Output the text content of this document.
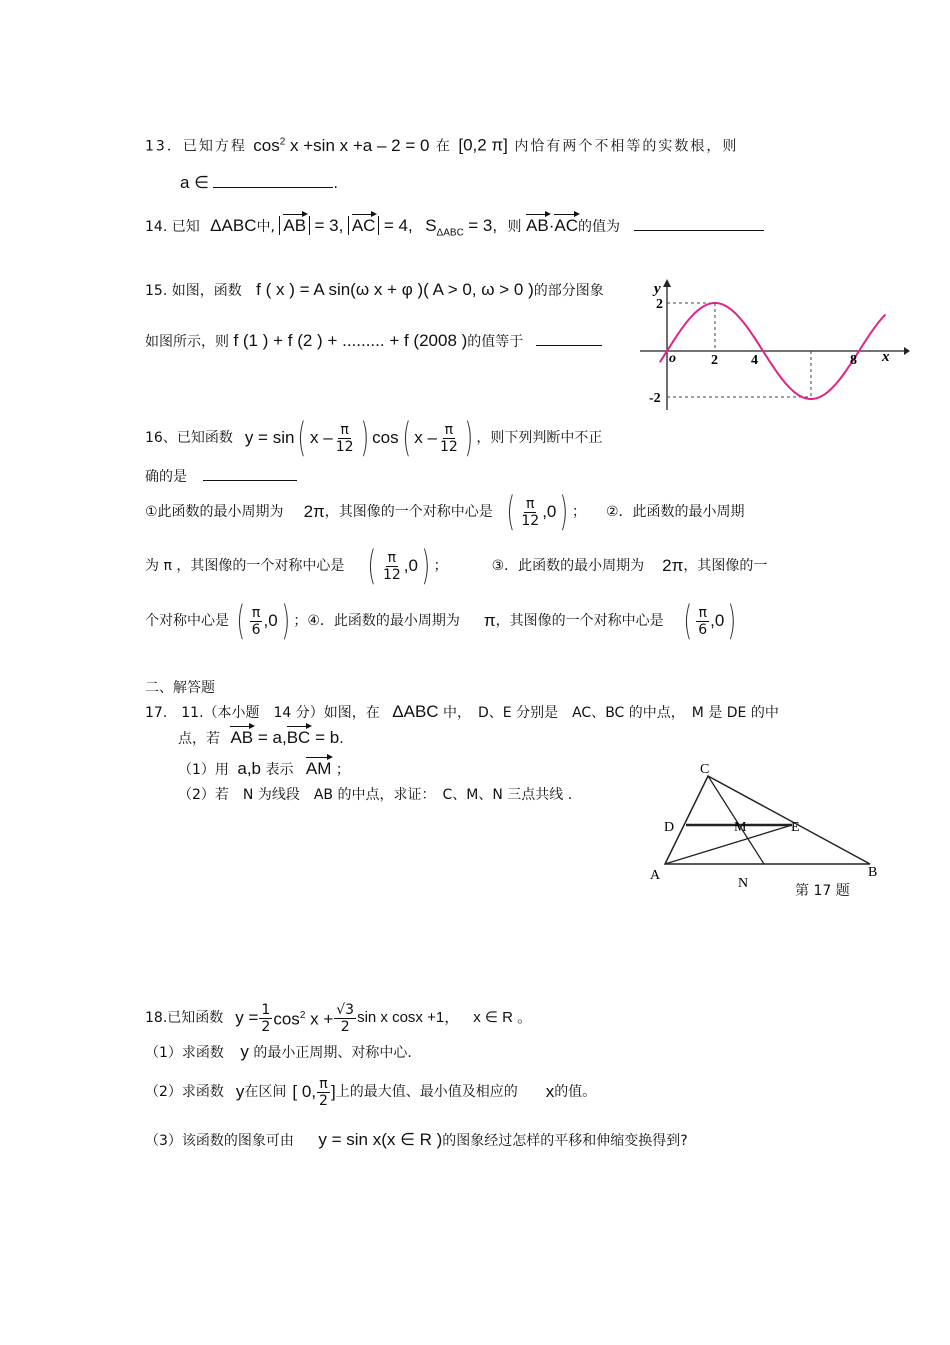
13．已知方程 $\cos^2 x +\sin$ x +a – 2 = 0 在 [0,2 π] 内恰有两个不相等的实数根，则
a ∈	.
14. 已知 ΔABC中, AB = 3, AC = 4, $S_{\Delta ABC} = 3$, 则 AB·AC的值为
15. 如图，函数 f ( x ) = A sin(ω x + φ )( A > 0, ω > 0 )的部分图象
如图所示，则 f (1 ) + f (2 ) + ......... + f (2008 )的值等于
y
x
o
2
-2
2 4	8
16、已知函数 y = sin ( x – $\frac{\pi}{12}$ ) cos ( x – $\frac{\pi}{12}$ ) ，则下列判断中不正
确的是
①此函数的最小周期为 2π ，其图像的一个对称中心是 ( $\frac{\pi}{12} ,0$ ) ； ②．此函数的最小周期
为 π ，其图像的一个对称中心是 ( $\frac{\pi}{12} ,0$ ) ；	③．此函数的最小周期为 2π ，其图像的一
个对称中心是 ( $\frac{\pi}{6} ,0$ ) ； ④．此函数的最小周期为 π ，其图像的一个对称中心是 ( $\frac{\pi}{6} ,0$ )
二、解答题
17.　11.（本小题　14 分）如图，在 ΔABC 中，　D、E 分别是　AC、BC 的中点，　M 是 DE 的中
点，若 AB = a,BC = b.
（1）用 a,b 表示 AM ；
（2）若　N 为线段　AB 的中点，求证：　C、M、N 三点共线 .
C
D	M	E
A	B
N	第 17 题
18.已知函数 $y = \frac{1}{2} \cos^2 x + \frac{√3}{2}$ sin x cosx +1， x ∈ R 。
（1）求函数 y 的最小正周期、对称中心.
（2）求函数 y 在区间 [ 0, $\frac{\pi}{2}$ ] 上的最大值、最小值及相应的 x 的值。
（3）该函数的图象可由 y = sin x(x ∈ R )的图象经过怎样的平移和伸缩变换得到?
